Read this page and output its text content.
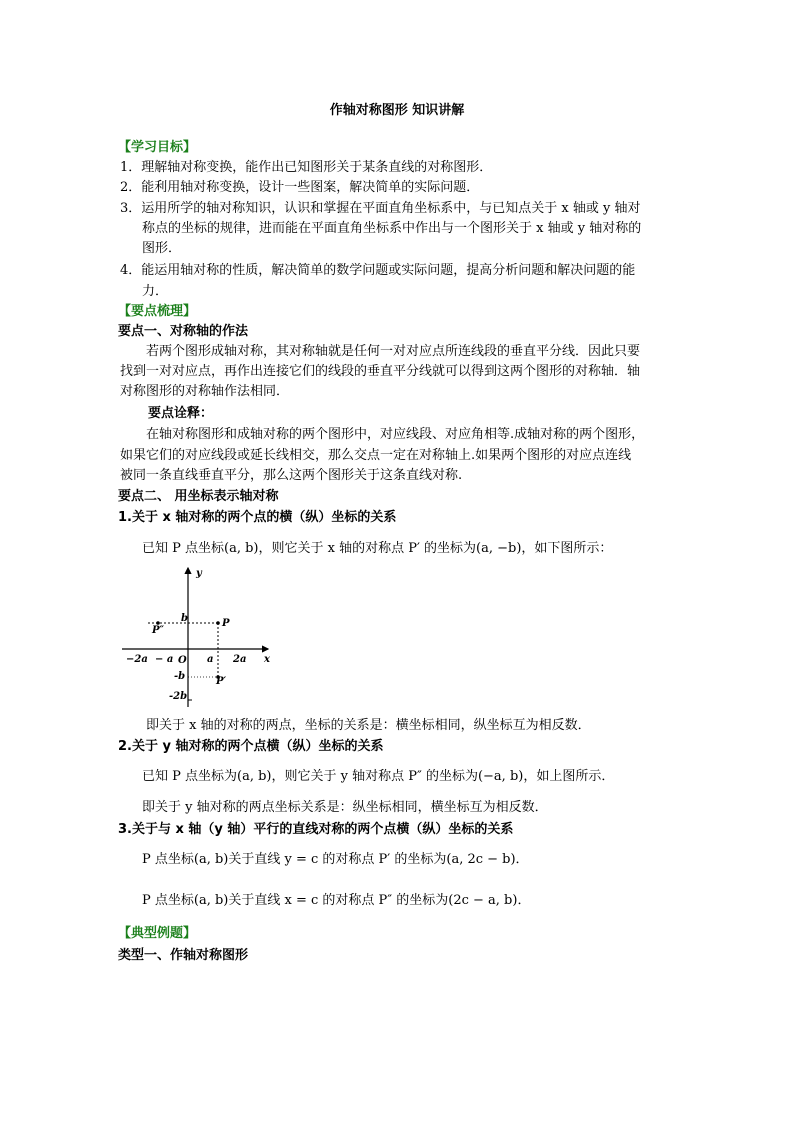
作轴对称图形 知识讲解
【学习目标】
1．理解轴对称变换，能作出已知图形关于某条直线的对称图形．
2．能利用轴对称变换，设计一些图案，解决简单的实际问题．
3．运用所学的轴对称知识，认识和掌握在平面直角坐标系中，与已知点关于 x 轴或 y 轴对
称点的坐标的规律，进而能在平面直角坐标系中作出与一个图形关于 x 轴或 y 轴对称的
图形．
4．能运用轴对称的性质，解决简单的数学问题或实际问题，提高分析问题和解决问题的能
力．
【要点梳理】
要点一、对称轴的作法
若两个图形成轴对称，其对称轴就是任何一对对应点所连线段的垂直平分线．因此只要
找到一对对应点，再作出连接它们的线段的垂直平分线就可以得到这两个图形的对称轴．轴
对称图形的对称轴作法相同．
要点诠释：
在轴对称图形和成轴对称的两个图形中，对应线段、对应角相等.成轴对称的两个图形，
如果它们的对应线段或延长线相交，那么交点一定在对称轴上.如果两个图形的对应点连线
被同一条直线垂直平分，那么这两个图形关于这条直线对称.
要点二、 用坐标表示轴对称
1.关于 x 轴对称的两个点的横（纵）坐标的关系
已知 P 点坐标(a, b)，则它关于 x 轴的对称点 P′ 的坐标为(a, −b)，如下图所示：
y
x
O
P
P′
P″
−2a − a	a 2a
b
-b
-2b
即关于 x 轴的对称的两点，坐标的关系是：横坐标相同，纵坐标互为相反数．
2.关于 y 轴对称的两个点横（纵）坐标的关系
已知 P 点坐标为(a, b)，则它关于 y 轴对称点 P″ 的坐标为(−a, b)，如上图所示．
即关于 y 轴对称的两点坐标关系是：纵坐标相同，横坐标互为相反数．
3.关于与 x 轴（y 轴）平行的直线对称的两个点横（纵）坐标的关系
P 点坐标(a, b)关于直线 y = c 的对称点 P′ 的坐标为(a, 2c − b)．
P 点坐标(a, b)关于直线 x = c 的对称点 P″ 的坐标为(2c − a, b)．
【典型例题】
类型一、作轴对称图形
